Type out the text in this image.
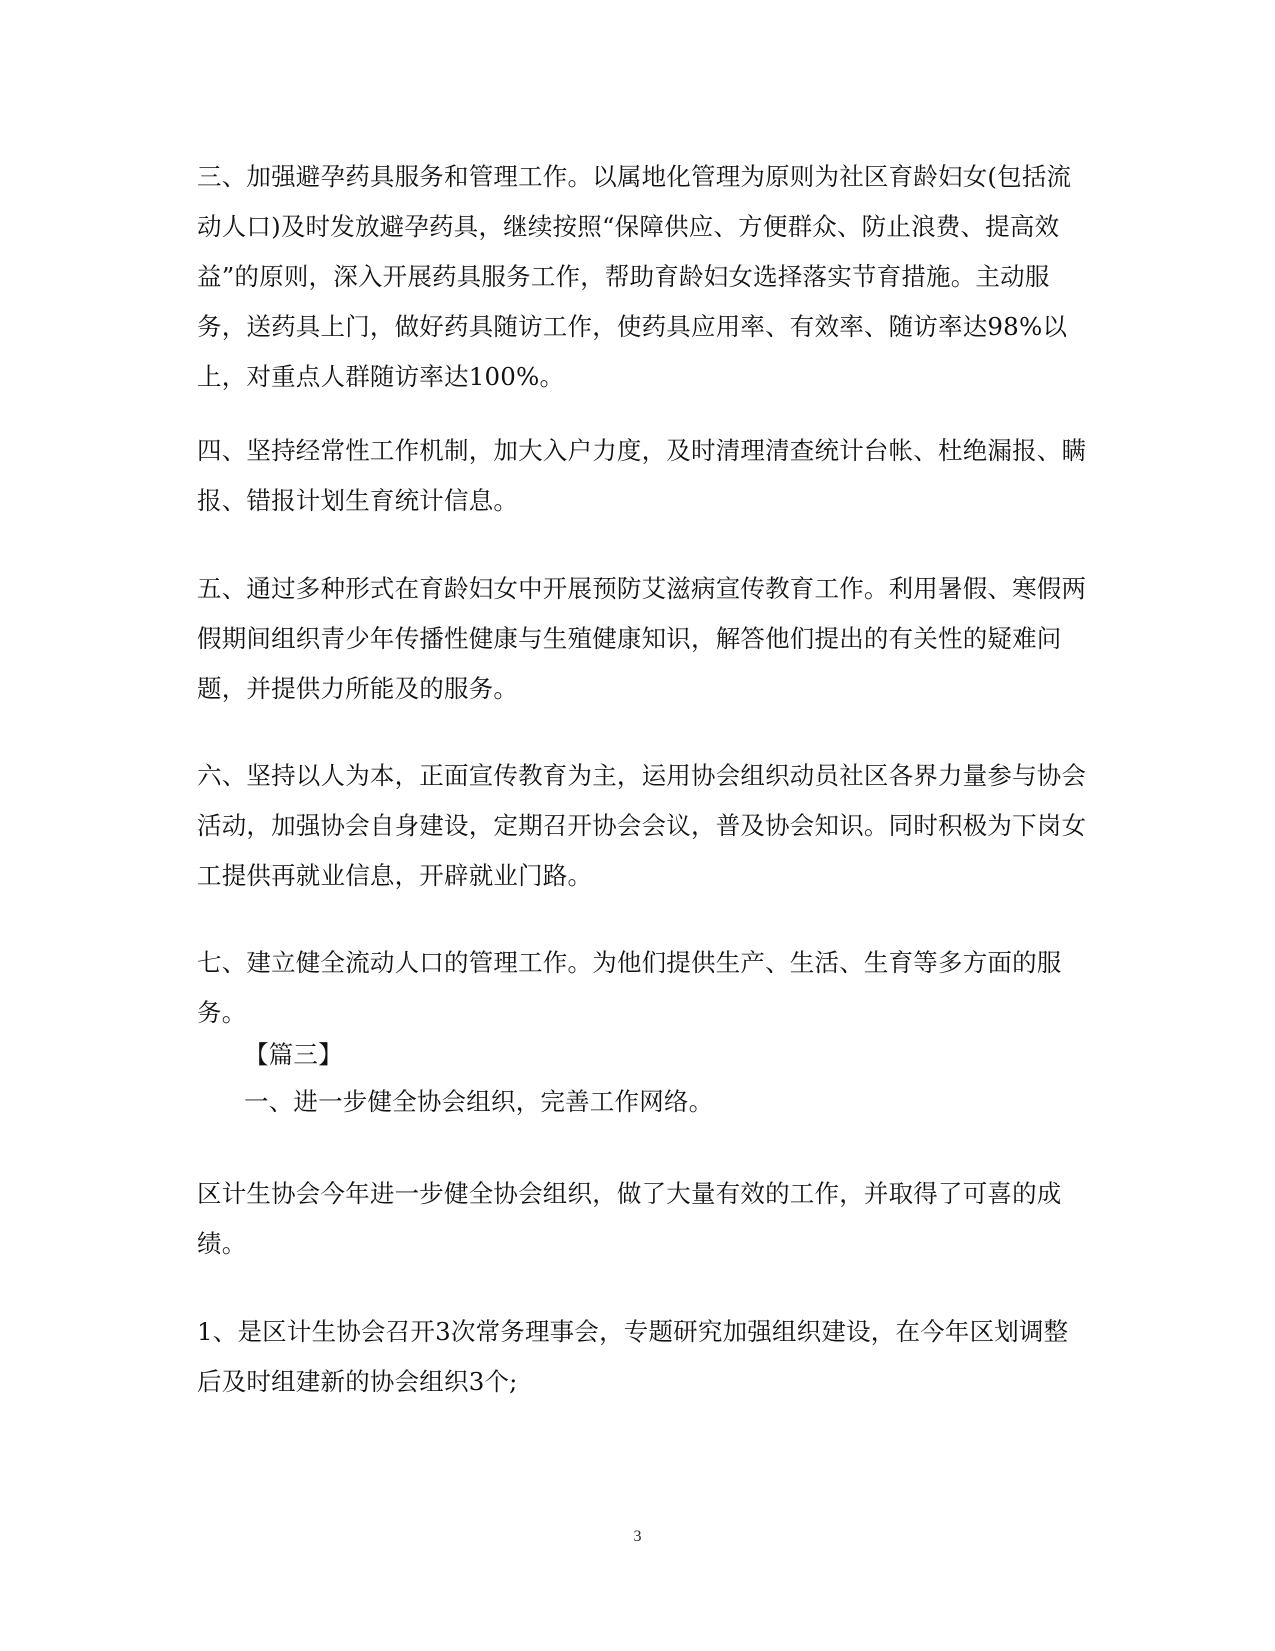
三、加强避孕药具服务和管理工作。以属地化管理为原则为社区育龄妇女(包括流动人口)及时发放避孕药具，继续按照“保障供应、方便群众、防止浪费、提高效益”的原则，深入开展药具服务工作，帮助育龄妇女选择落实节育措施。主动服务，送药具上门，做好药具随访工作，使药具应用率、有效率、随访率达98%以上，对重点人群随访率达100%。

四、坚持经常性工作机制，加大入户力度，及时清理清查统计台帐、杜绝漏报、瞒报、错报计划生育统计信息。

五、通过多种形式在育龄妇女中开展预防艾滋病宣传教育工作。利用暑假、寒假两假期间组织青少年传播性健康与生殖健康知识，解答他们提出的有关性的疑难问题，并提供力所能及的服务。

六、坚持以人为本，正面宣传教育为主，运用协会组织动员社区各界力量参与协会活动，加强协会自身建设，定期召开协会会议，普及协会知识。同时积极为下岗女工提供再就业信息，开辟就业门路。

七、建立健全流动人口的管理工作。为他们提供生产、生活、生育等多方面的服务。

【篇三】

一、进一步健全协会组织，完善工作网络。

区计生协会今年进一步健全协会组织，做了大量有效的工作，并取得了可喜的成绩。

1、是区计生协会召开3次常务理事会，专题研究加强组织建设，在今年区划调整后及时组建新的协会组织3个;

3
